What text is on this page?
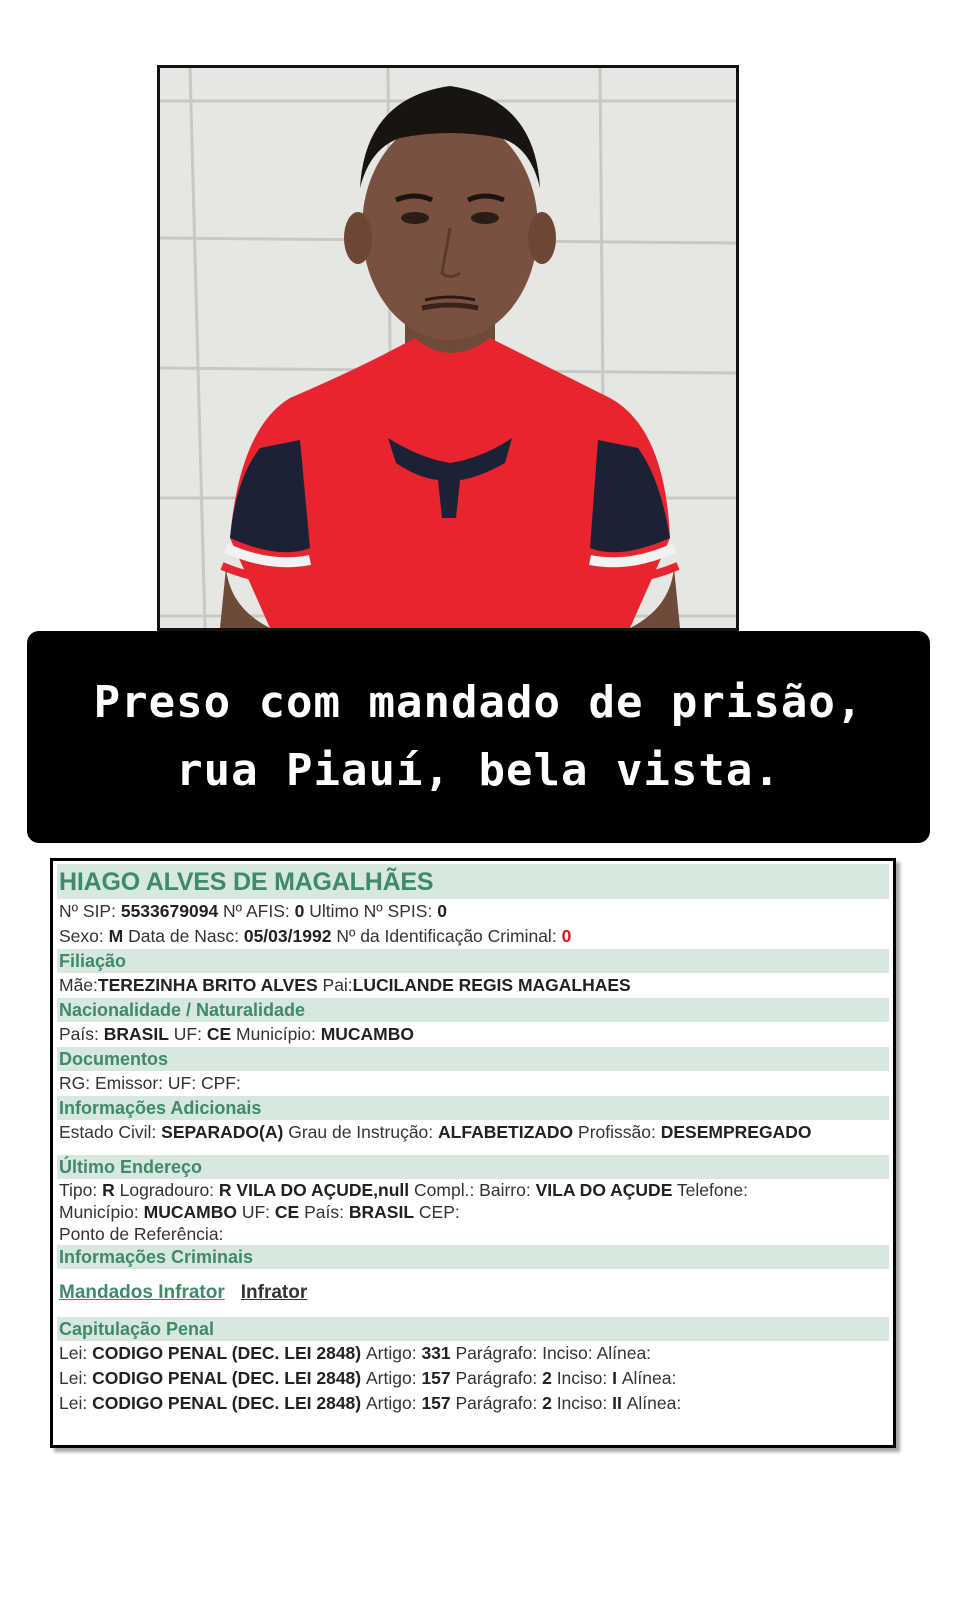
Preso com mandado de prisão,
rua Piauí, bela vista.
HIAGO ALVES DE MAGALHÃES
Nº SIP: 5533679094 Nº AFIS: 0 Ultimo Nº SPIS: 0
Sexo: M Data de Nasc: 05/03/1992 Nº da Identificação Criminal: 0
Filiação
Mãe:TEREZINHA BRITO ALVES Pai:LUCILANDE REGIS MAGALHAES
Nacionalidade / Naturalidade
País: BRASIL UF: CE Município: MUCAMBO
Documentos
RG: Emissor: UF: CPF:
Informações Adicionais
Estado Civil: SEPARADO(A) Grau de Instrução: ALFABETIZADO Profissão: DESEMPREGADO
Último Endereço
Tipo: R Logradouro: R VILA DO AÇUDE,null Compl.: Bairro: VILA DO AÇUDE Telefone:
Município: MUCAMBO UF: CE País: BRASIL CEP:
Ponto de Referência:
Informações Criminais
Mandados Infrator Infrator
Capitulação Penal
Lei: CODIGO PENAL (DEC. LEI 2848) Artigo: 331 Parágrafo: Inciso: Alínea:
Lei: CODIGO PENAL (DEC. LEI 2848) Artigo: 157 Parágrafo: 2 Inciso: I Alínea:
Lei: CODIGO PENAL (DEC. LEI 2848) Artigo: 157 Parágrafo: 2 Inciso: II Alínea:
